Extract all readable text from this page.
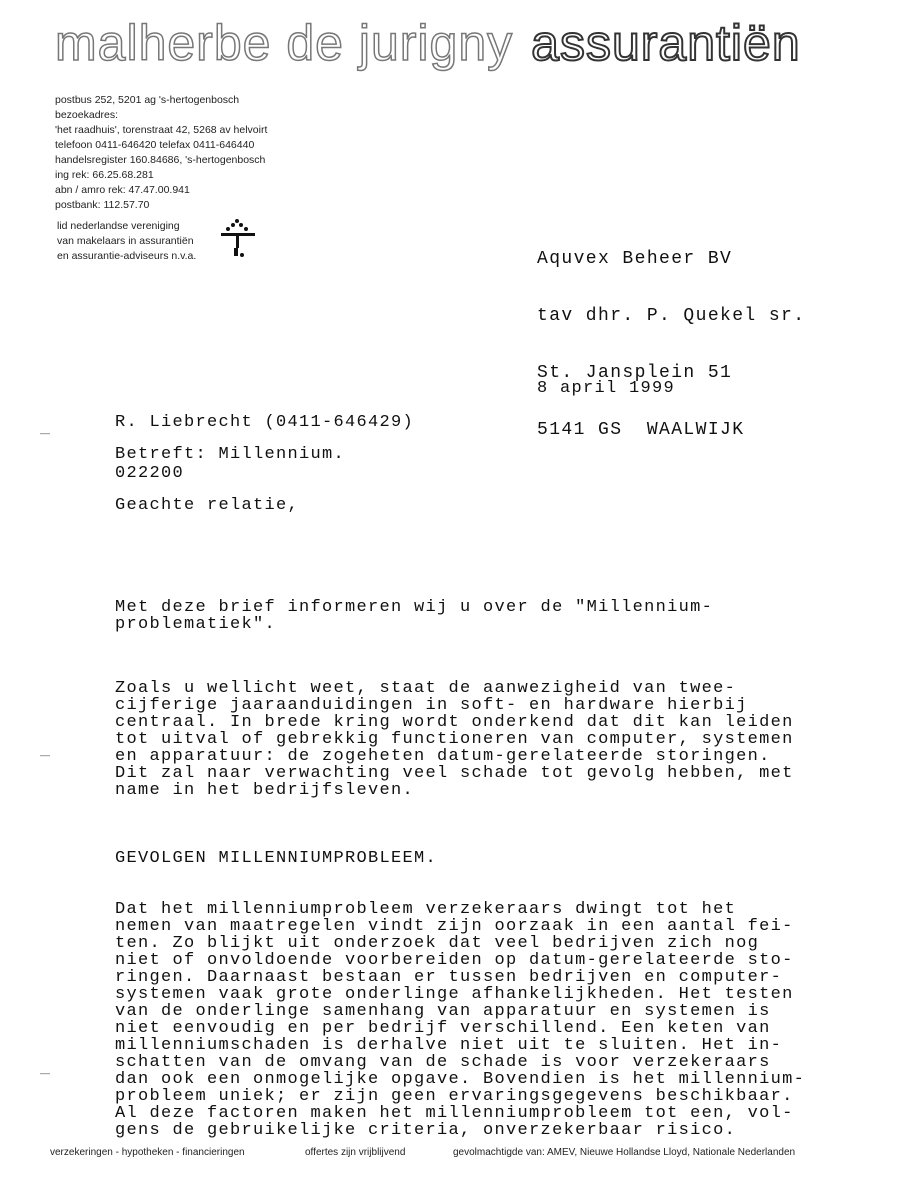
malherbe de jurigny assurantiën
postbus 252, 5201 ag 's-hertogenbosch
bezoekadres:
'het raadhuis', torenstraat 42, 5268 av helvoirt
telefoon 0411-646420 telefax 0411-646440
handelsregister 160.84686, 's-hertogenbosch
ing rek: 66.25.68.281
abn / amro rek: 47.47.00.941
postbank: 112.57.70
lid nederlandse vereniging
van makelaars in assurantiën
en assurantie-adviseurs n.v.a.

	Aquvex Beheer BV

tav dhr. P. Quekel sr.

St. Jansplein 51

5141 GS  WAALWIJK

R. Liebrecht (0411-646429)

022200

8 april 1999
Betreft: Millennium.
Geachte relatie,

Met deze brief informeren wij u over de "Millennium-
problematiek".

Zoals u wellicht weet, staat de aanwezigheid van twee-
cijferige jaaraanduidingen in soft- en hardware hierbij
centraal. In brede kring wordt onderkend dat dit kan leiden
tot uitval of gebrekkig functioneren van computer, systemen
en apparatuur: de zogeheten datum-gerelateerde storingen.
Dit zal naar verwachting veel schade tot gevolg hebben, met
name in het bedrijfsleven.

GEVOLGEN MILLENNIUMPROBLEEM.

Dat het millenniumprobleem verzekeraars dwingt tot het
nemen van maatregelen vindt zijn oorzaak in een aantal fei-
ten. Zo blijkt uit onderzoek dat veel bedrijven zich nog
niet of onvoldoende voorbereiden op datum-gerelateerde sto-
ringen. Daarnaast bestaan er tussen bedrijven en computer-
systemen vaak grote onderlinge afhankelijkheden. Het testen
van de onderlinge samenhang van apparatuur en systemen is
niet eenvoudig en per bedrijf verschillend. Een keten van
millenniumschaden is derhalve niet uit te sluiten. Het in-
schatten van de omvang van de schade is voor verzekeraars
dan ook een onmogelijke opgave. Bovendien is het millennium-
probleem uniek; er zijn geen ervaringsgegevens beschikbaar.
Al deze factoren maken het millenniumprobleem tot een, vol-
gens de gebruikelijke criteria, onverzekerbaar risico.

––
––
––
verzekeringen - hypotheken - financieringen	offertes zijn vrijblijvend	gevolmachtigde van: AMEV, Nieuwe Hollandse Lloyd, Nationale Nederlanden
